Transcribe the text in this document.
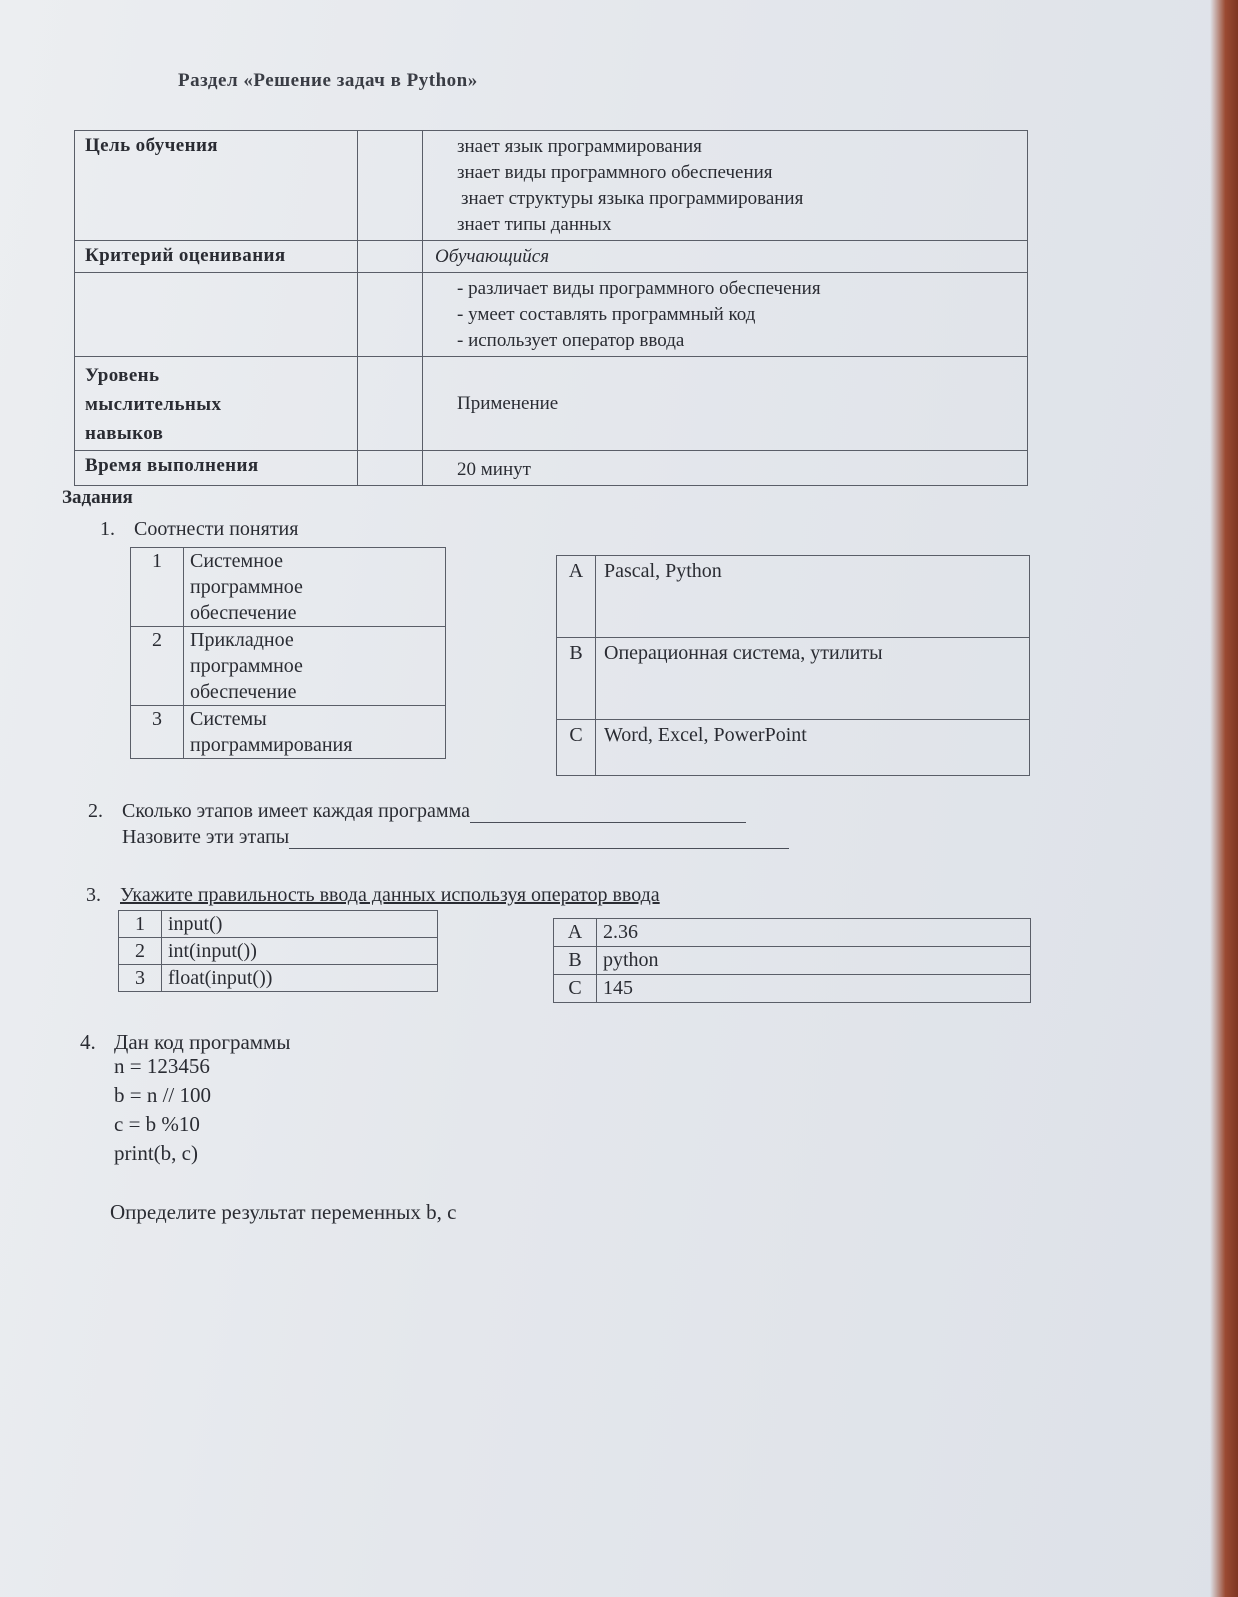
Раздел «Решение задач в Python»
Цель обучения		знает язык программирования
знает виды программного обеспечения
знает структуры языка программирования
знает типы данных

Критерий оценивания		Обучающийся

		- различает виды программного обеспечения
- умеет составлять программный код
- использует оператор ввода

Уровень
мыслительных
навыков		Применение
Время выполнения		20 минут
Задания
1. Соотнести понятия
1	Системное
программное
обеспечение

2	Прикладное
программное
обеспечение

3	Системы
программирования
A	Pascal, Python
B	Операционная система, утилиты
C	Word, Excel, PowerPoint
2. Сколько этапов имеет каждая программа
Назовите эти этапы
3. Укажите правильность ввода данных используя оператор ввода
1	input()
2	int(input())
3	float(input())
A	2.36
B	python
C	145
4. Дан код программы
n = 123456
b = n // 100
c = b %10
print(b, c)
Определите результат переменных b, c
